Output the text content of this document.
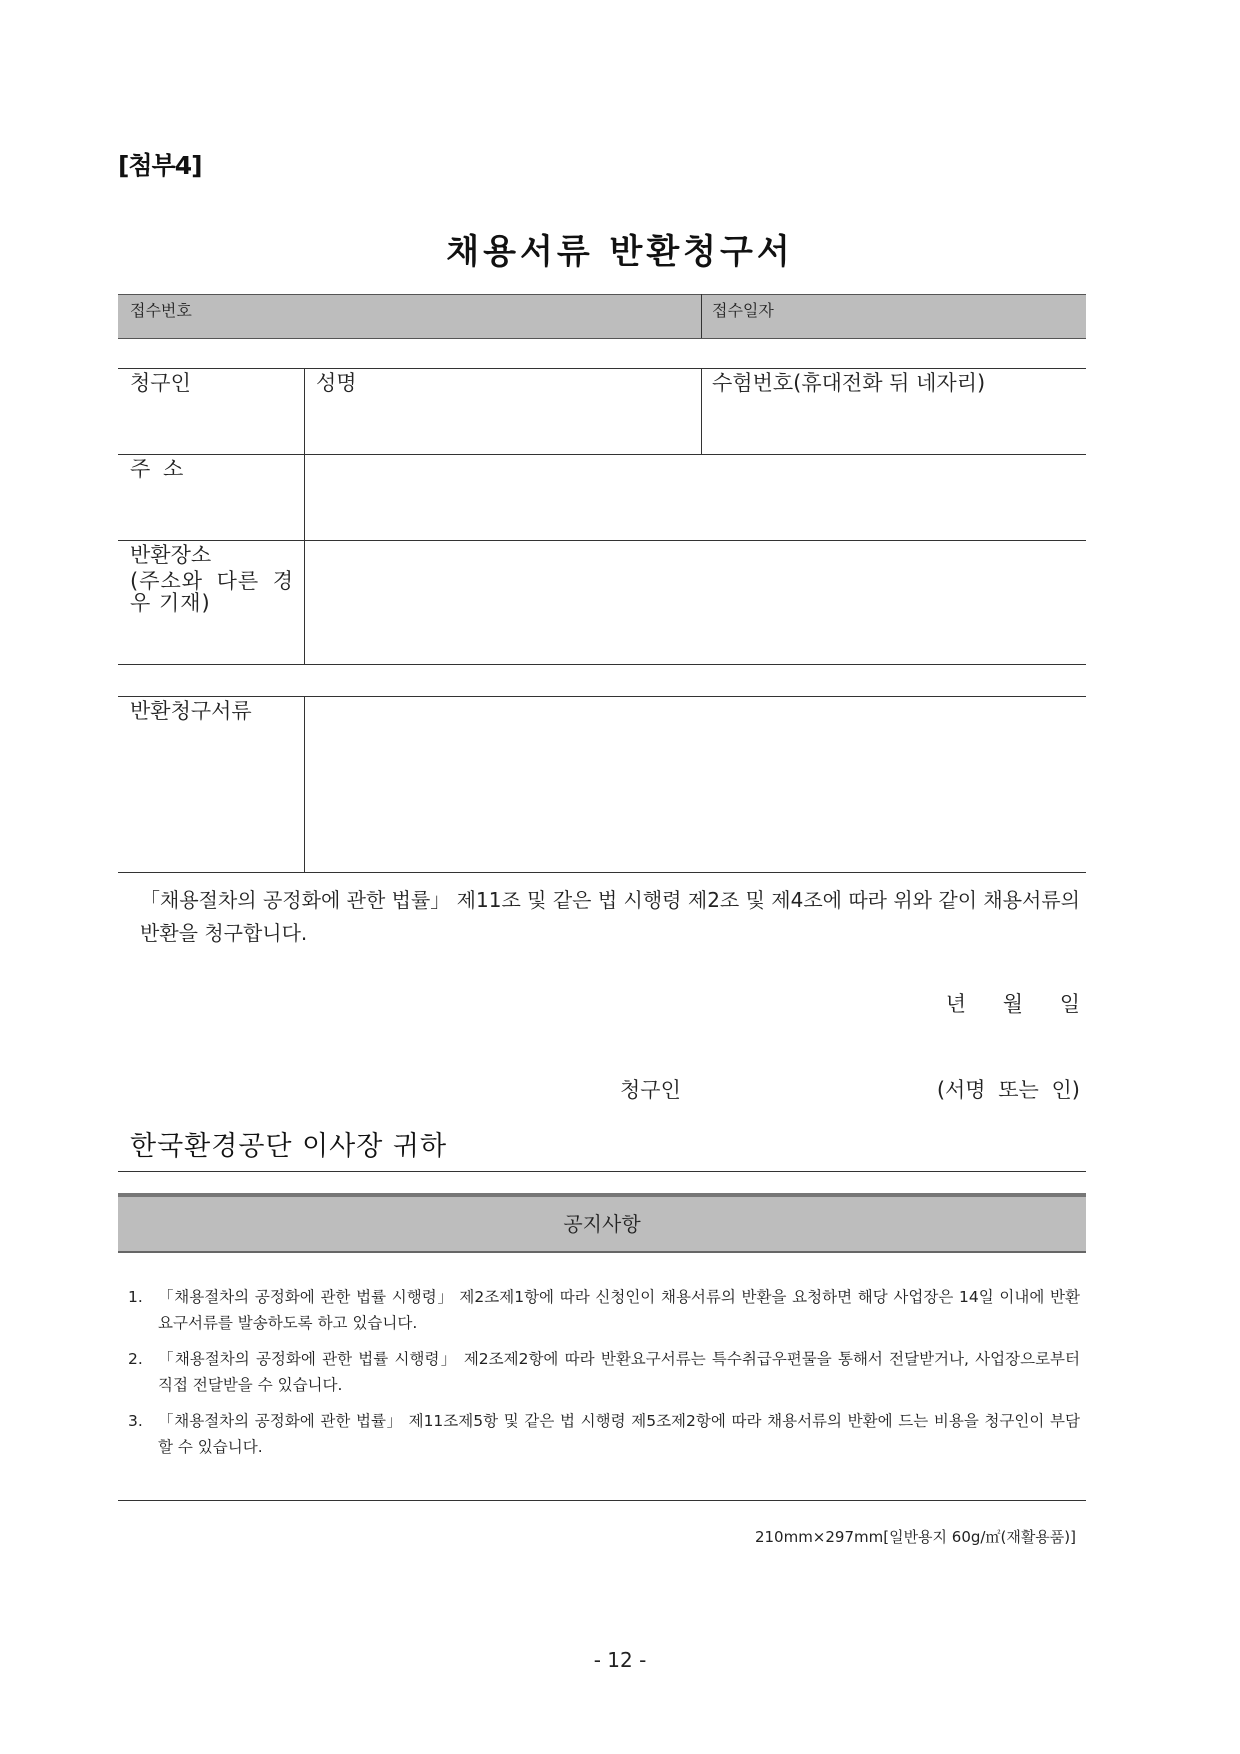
[첨부4]
채용서류 반환청구서
접수번호	접수일자
청구인	성명	수험번호(휴대전화 뒤 네자리)
주 소
반환장소
(주소와 다른 경우 기재)
반환청구서류
「채용절차의 공정화에 관한 법률」 제11조 및 같은 법 시행령 제2조 및 제4조에 따라 위와 같이 채용서류의 반환을 청구합니다.
년 월 일
청구인	(서명 또는 인)
한국환경공단 이사장 귀하
공지사항
1. 「채용절차의 공정화에 관한 법률 시행령」 제2조제1항에 따라 신청인이 채용서류의 반환을 요청하면 해당 사업장은 14일 이내에 반환요구서류를 발송하도록 하고 있습니다.
2. 「채용절차의 공정화에 관한 법률 시행령」 제2조제2항에 따라 반환요구서류는 특수취급우편물을 통해서 전달받거나, 사업장으로부터 직접 전달받을 수 있습니다.
3. 「채용절차의 공정화에 관한 법률」 제11조제5항 및 같은 법 시행령 제5조제2항에 따라 채용서류의 반환에 드는 비용을 청구인이 부담할 수 있습니다.
210mm×297mm[일반용지 60g/㎡(재활용품)]
- 12 -
